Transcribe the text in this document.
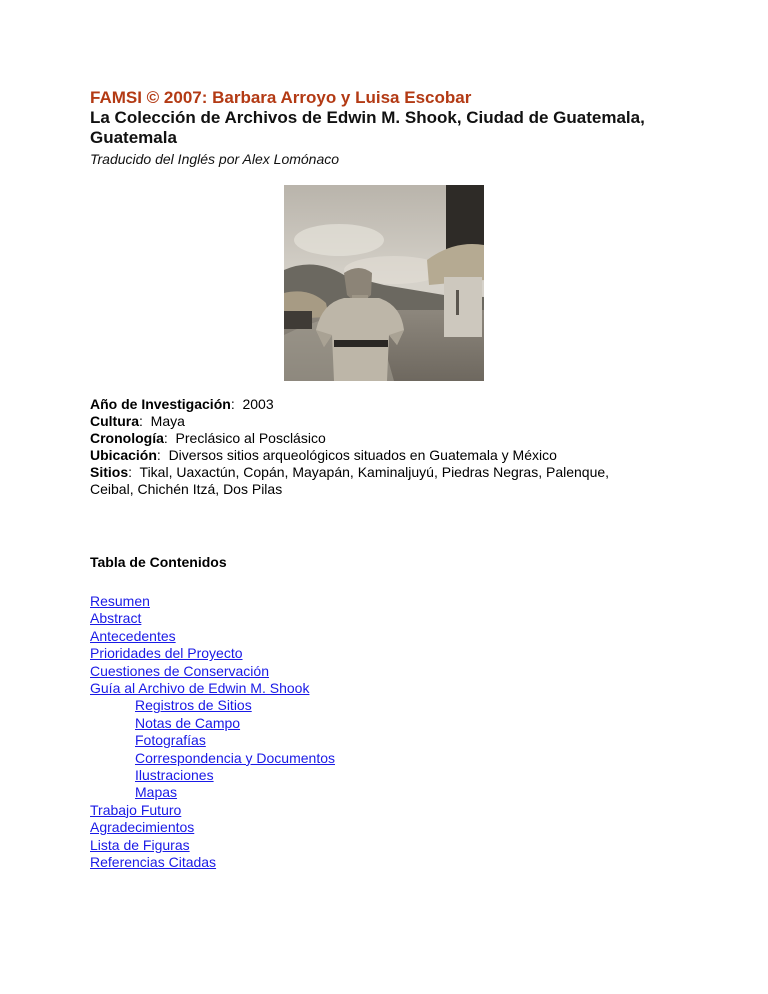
FAMSI © 2007: Barbara Arroyo y Luisa Escobar

La Colección de Archivos de Edwin M. Shook, Ciudad de Guatemala, Guatemala

Traducido del Inglés por Alex Lomónaco

Año de Investigación:  2003

Cultura:  Maya

Cronología:  Preclásico al Posclásico

Ubicación:  Diversos sitios arqueológicos situados en Guatemala y México

Sitios:  Tikal, Uaxactún, Copán, Mayapán, Kaminaljuyú, Piedras Negras, Palenque, Ceibal, Chichén Itzá, Dos Pilas

Tabla de Contenidos

Resumen
Abstract
Antecedentes
Prioridades del Proyecto
Cuestiones de Conservación
Guía al Archivo de Edwin M. Shook
Registros de Sitios
Notas de Campo
Fotografías
Correspondencia y Documentos
Ilustraciones
Mapas
Trabajo Futuro
Agradecimientos
Lista de Figuras
Referencias Citadas
